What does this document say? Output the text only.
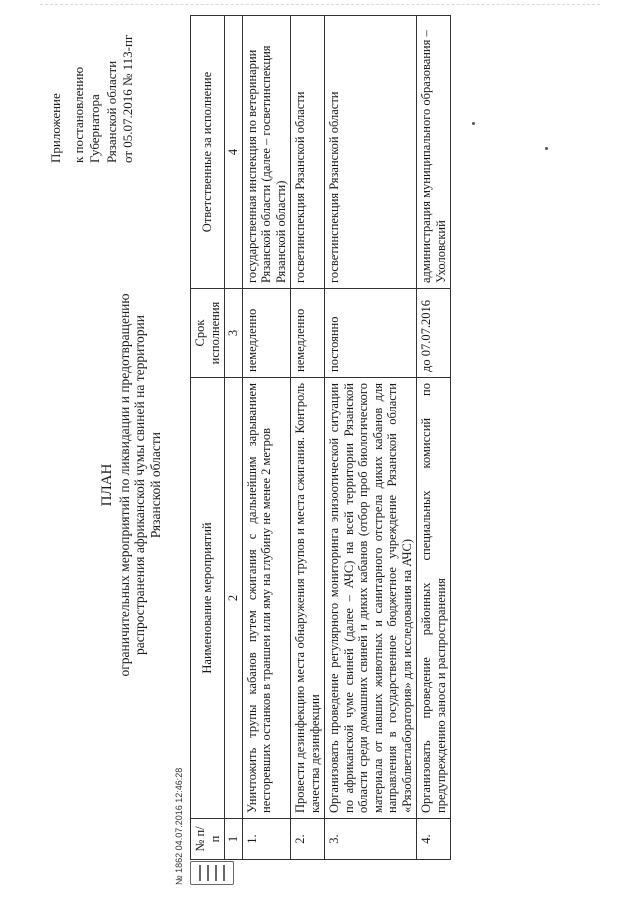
Приложение к постановлению Губернатора Рязанской области от 05.07.2016 № 113-пг
ПЛАН ограничительных мероприятий по ликвидации и предотвращению распространения африканской чумы свиней на территории Рязанской области
№ 1862 04.07.2016 12:46:28 № п/п	Наименование мероприятий	Срок исполнения	Ответственные за исполнение
1	2	3	4
1.	Уничтожить трупы кабанов путем сжигания с дальнейшим зарыванием несгоревших останков в траншеи или яму на глубину не менее 2 метров	немедленно	государственная инспекция по ветеринарии Рязанской области (далее – госветинспекция Рязанской области)
2.	Провести дезинфекцию места обнаружения трупов и места сжигания. Контроль качества дезинфекции	немедленно	госветинспекция Рязанской области
3.	Организовать проведение регулярного мониторинга эпизоотической ситуации по африканской чуме свиней (далее – АЧС) на всей территории Рязанской области среди домашних свиней и диких кабанов (отбор проб биологического материала от павших животных и санитарного отстрела диких кабанов для направления в государственное бюджетное учреждение Рязанской области «Рязоблветлаборатория» для исследования на АЧС)	постоянно	госветинспекция Рязанской области
4.	Организовать проведение районных специальных комиссий по предупреждению заноса и распространения	до 07.07.2016	администрация муниципального образования – Ухоловский
